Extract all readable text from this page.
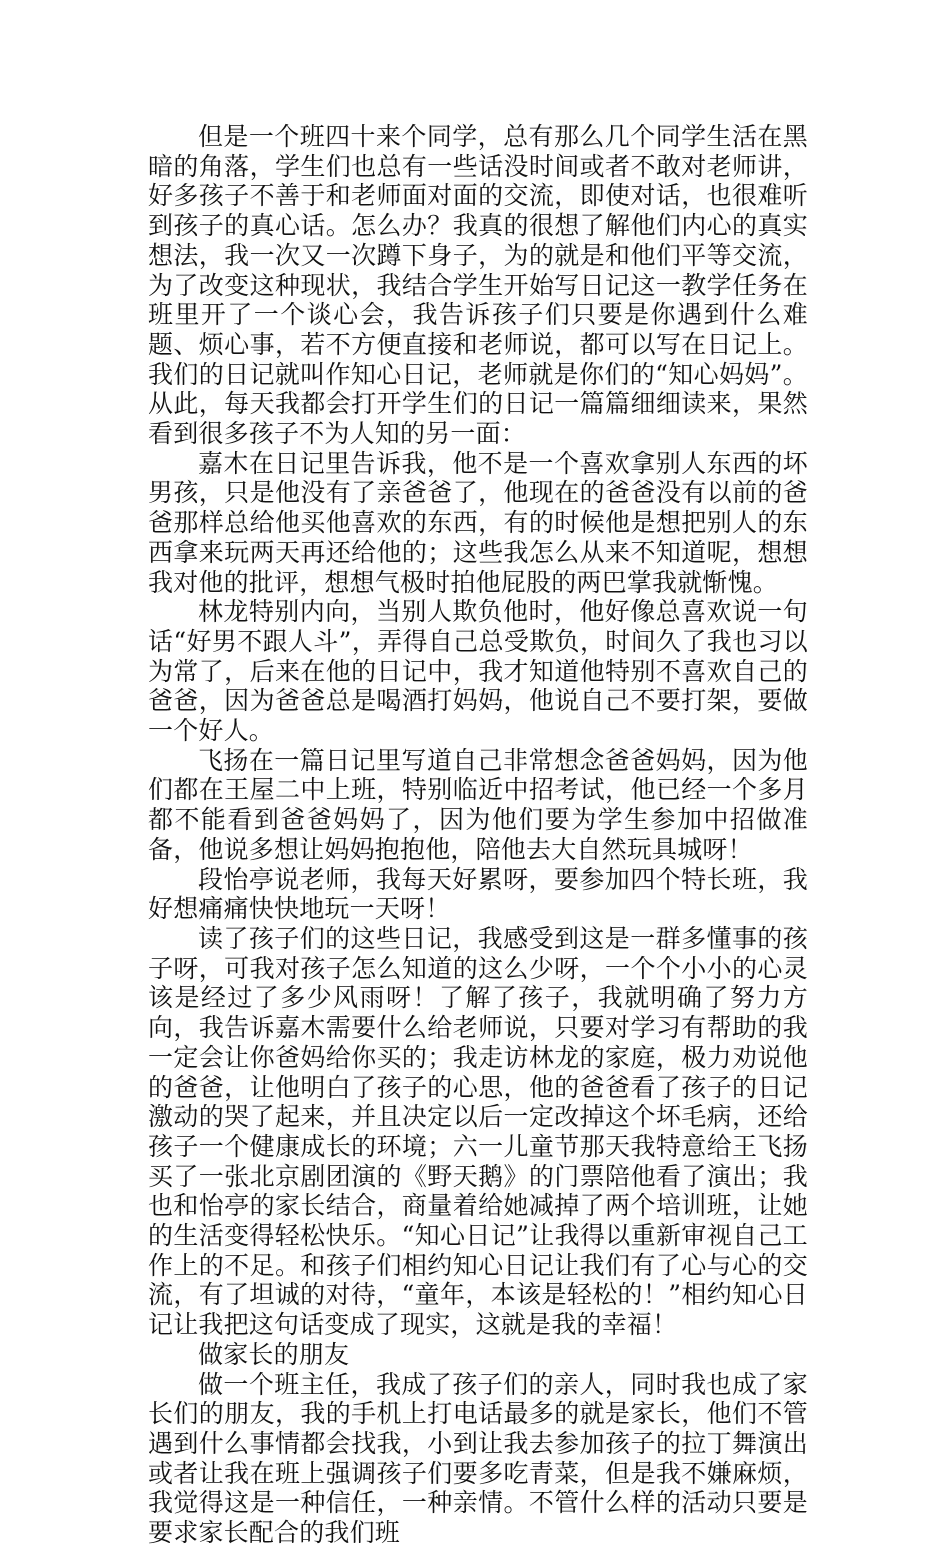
但是一个班四十来个同学，总有那么几个同学生活在黑暗的角落，学生们也总有一些话没时间或者不敢对老师讲，好多孩子不善于和老师面对面的交流，即使对话，也很难听到孩子的真心话。怎么办？我真的很想了解他们内心的真实想法，我一次又一次蹲下身子，为的就是和他们平等交流，为了改变这种现状，我结合学生开始写日记这一教学任务在班里开了一个谈心会，我告诉孩子们只要是你遇到什么难题、烦心事，若不方便直接和老师说，都可以写在日记上。我们的日记就叫作知心日记，老师就是你们的“知心妈妈”。从此，每天我都会打开学生们的日记一篇篇细细读来，果然看到很多孩子不为人知的另一面：

嘉木在日记里告诉我，他不是一个喜欢拿别人东西的坏男孩，只是他没有了亲爸爸了，他现在的爸爸没有以前的爸爸那样总给他买他喜欢的东西，有的时候他是想把别人的东西拿来玩两天再还给他的；这些我怎么从来不知道呢，想想我对他的批评，想想气极时拍他屁股的两巴掌我就惭愧。

林龙特别内向，当别人欺负他时，他好像总喜欢说一句话“好男不跟人斗”，弄得自己总受欺负，时间久了我也习以为常了，后来在他的日记中，我才知道他特别不喜欢自己的爸爸，因为爸爸总是喝酒打妈妈，他说自己不要打架，要做一个好人。

飞扬在一篇日记里写道自己非常想念爸爸妈妈，因为他们都在王屋二中上班，特别临近中招考试，他已经一个多月都不能看到爸爸妈妈了，因为他们要为学生参加中招做准备，他说多想让妈妈抱抱他，陪他去大自然玩具城呀！

段怡亭说老师，我每天好累呀，要参加四个特长班，我好想痛痛快快地玩一天呀！

读了孩子们的这些日记，我感受到这是一群多懂事的孩子呀，可我对孩子怎么知道的这么少呀，一个个小小的心灵该是经过了多少风雨呀！了解了孩子，我就明确了努力方向，我告诉嘉木需要什么给老师说，只要对学习有帮助的我一定会让你爸妈给你买的；我走访林龙的家庭，极力劝说他的爸爸，让他明白了孩子的心思，他的爸爸看了孩子的日记激动的哭了起来，并且决定以后一定改掉这个坏毛病，还给孩子一个健康成长的环境；六一儿童节那天我特意给王飞扬买了一张北京剧团演的《野天鹅》的门票陪他看了演出；我也和怡亭的家长结合，商量着给她减掉了两个培训班，让她的生活变得轻松快乐。“知心日记”让我得以重新审视自己工作上的不足。和孩子们相约知心日记让我们有了心与心的交流，有了坦诚的对待，“童年，本该是轻松的！”相约知心日记让我把这句话变成了现实，这就是我的幸福！

做家长的朋友

做一个班主任，我成了孩子们的亲人，同时我也成了家长们的朋友，我的手机上打电话最多的就是家长，他们不管遇到什么事情都会找我，小到让我去参加孩子的拉丁舞演出或者让我在班上强调孩子们要多吃青菜，但是我不嫌麻烦，我觉得这是一种信任，一种亲情。不管什么样的活动只要是要求家长配合的我们班
